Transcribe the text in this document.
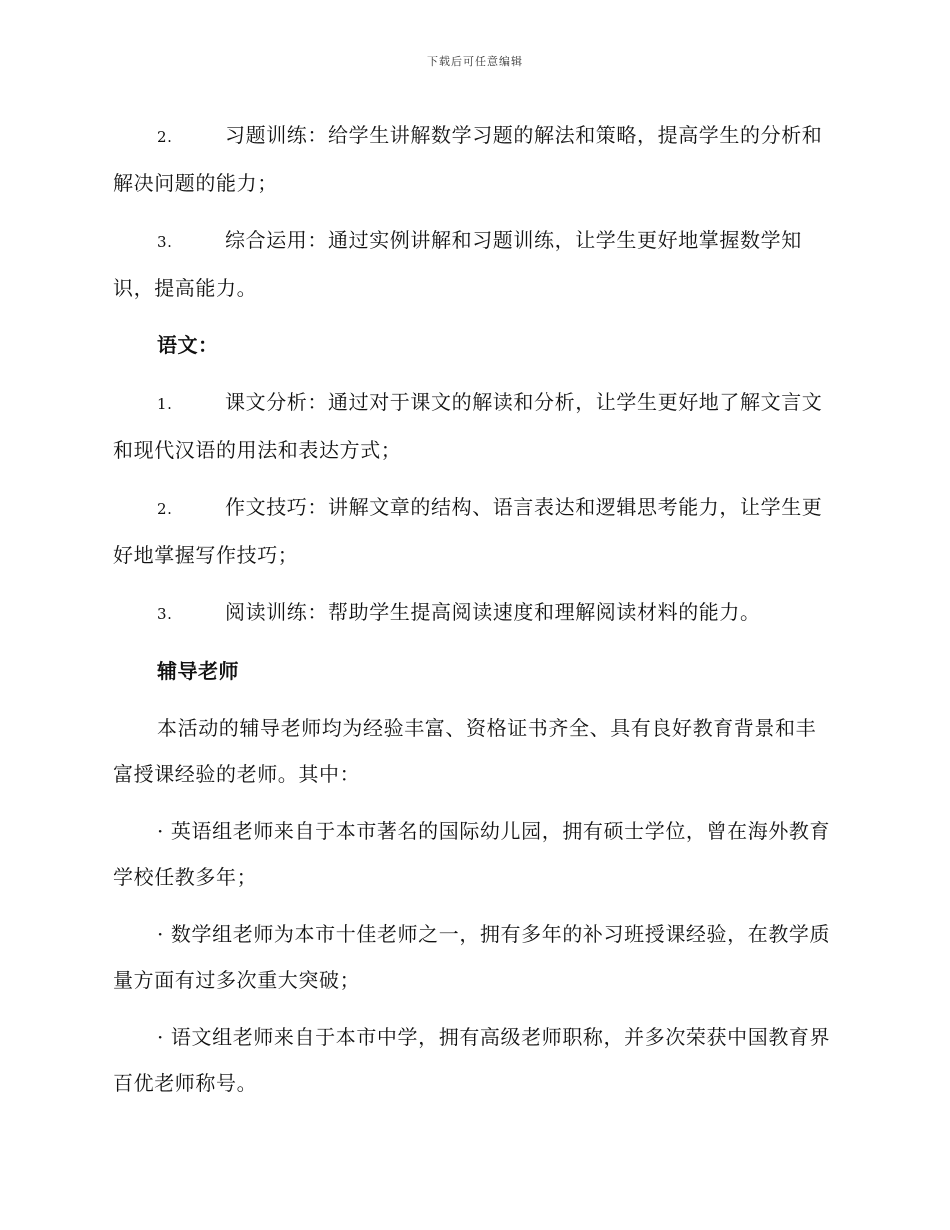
下载后可任意编辑

2.	习题训练：给学生讲解数学习题的解法和策略，提高学生的分析和解决问题的能力；

3.	综合运用：通过实例讲解和习题训练，让学生更好地掌握数学知识，提高能力。

语文：

1.	课文分析：通过对于课文的解读和分析，让学生更好地了解文言文和现代汉语的用法和表达方式；

2.	作文技巧：讲解文章的结构、语言表达和逻辑思考能力，让学生更好地掌握写作技巧；

3.	阅读训练：帮助学生提高阅读速度和理解阅读材料的能力。

辅导老师

本活动的辅导老师均为经验丰富、资格证书齐全、具有良好教育背景和丰富授课经验的老师。其中：

· 英语组老师来自于本市著名的国际幼儿园，拥有硕士学位，曾在海外教育学校任教多年；

· 数学组老师为本市十佳老师之一，拥有多年的补习班授课经验，在教学质量方面有过多次重大突破；

· 语文组老师来自于本市中学，拥有高级老师职称，并多次荣获中国教育界百优老师称号。
